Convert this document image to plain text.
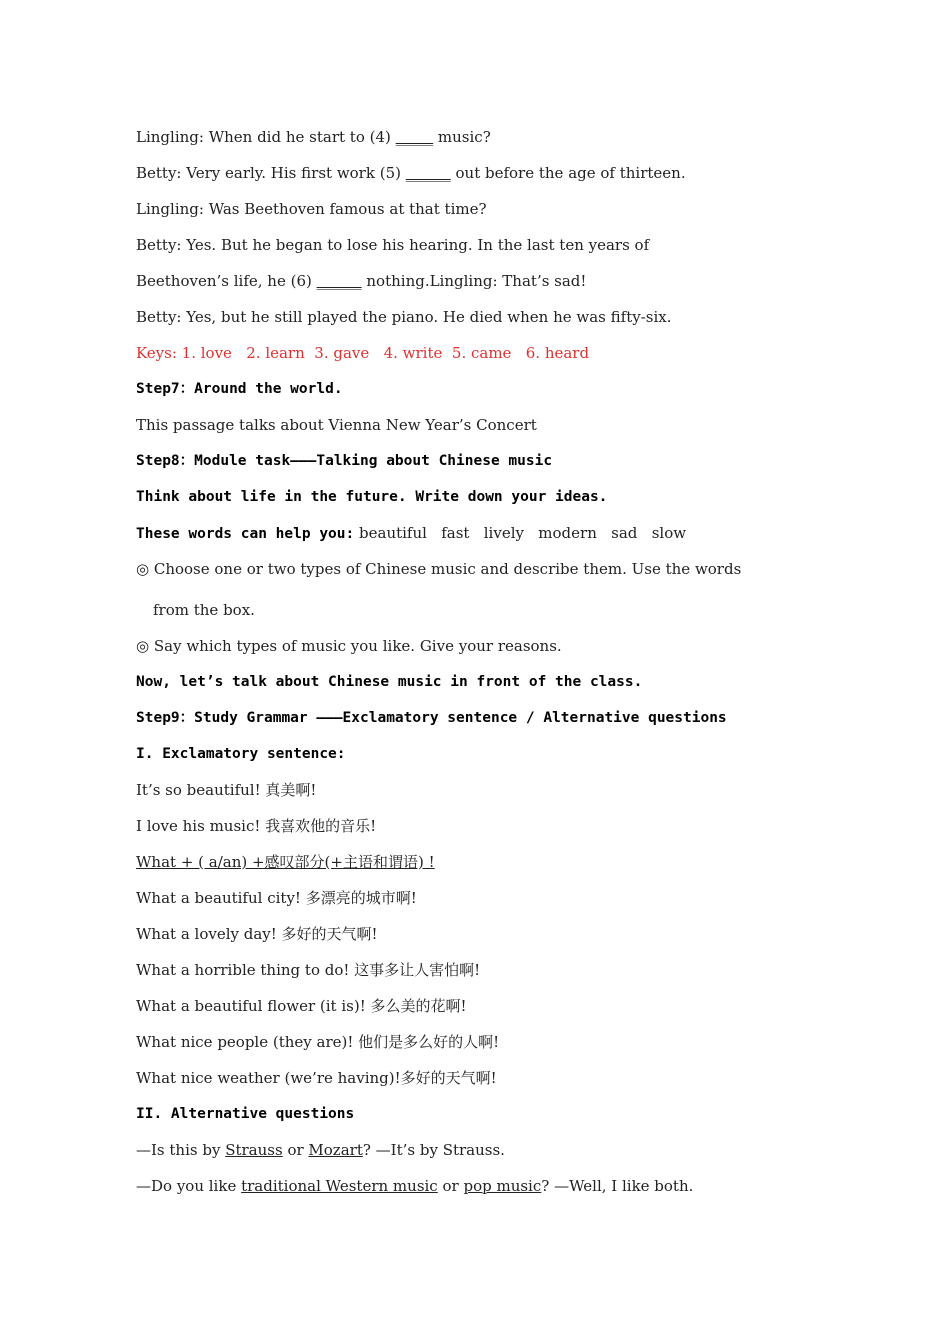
Lingling: When did he start to (4) _____ music?
Betty: Very early. His first work (5) ______ out before the age of thirteen.
Lingling: Was Beethoven famous at that time?
Betty: Yes. But he began to lose his hearing. In the last ten years of
Beethoven’s life, he (6) ______ nothing.Lingling: That’s sad!
Betty: Yes, but he still played the piano. He died when he was fifty-six.
Keys: 1. love   2. learn  3. gave   4. write  5. came   6. heard
Step7：Around the world.
This passage talks about Vienna New Year’s Concert
Step8：Module task———Talking about Chinese music
Think about life in the future. Write down your ideas.
These words can help you: beautiful   fast   lively   modern   sad   slow
◎ Choose one or two types of Chinese music and describe them. Use the words
from the box.
◎ Say which types of music you like. Give your reasons.
Now, let’s talk about Chinese music in front of the class.
Step9：Study Grammar ———Exclamatory sentence / Alternative questions
I. Exclamatory sentence:
It’s so beautiful! 真美啊!
I love his music! 我喜欢他的音乐!
What + ( a/an) +感叹部分(+主语和谓语) !
What a beautiful city! 多漂亮的城市啊!
What a lovely day! 多好的天气啊!
What a horrible thing to do! 这事多让人害怕啊!
What a beautiful flower (it is)! 多么美的花啊!
What nice people (they are)! 他们是多么好的人啊!
What nice weather (we’re having)!多好的天气啊!
II. Alternative questions
—Is this by Strauss or Mozart? —It’s by Strauss.
—Do you like traditional Western music or pop music? —Well, I like both.
